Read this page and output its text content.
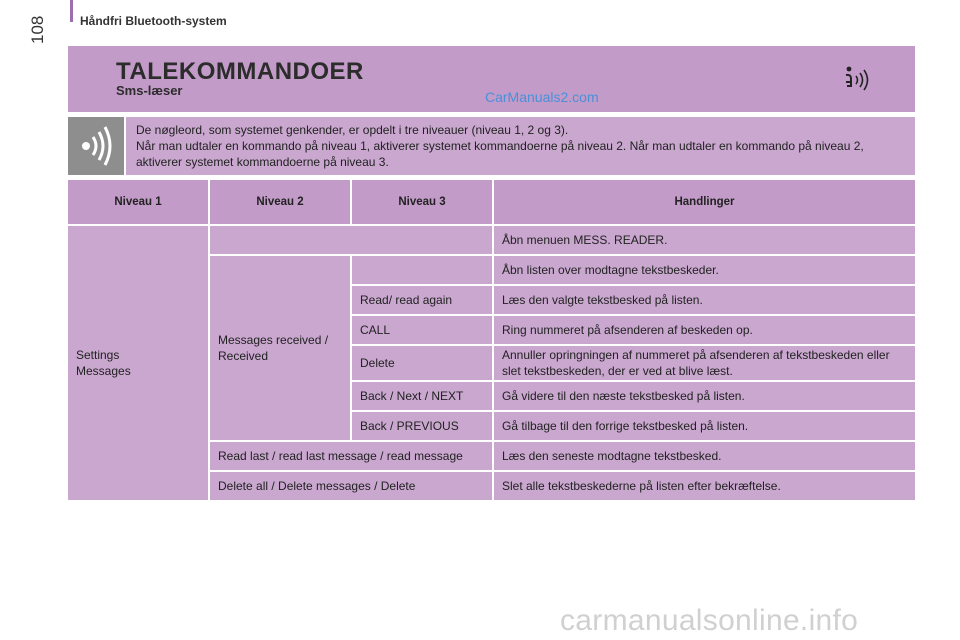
108	Håndfri Bluetooth-system
TALEKOMMANDOER
Sms-læser	CarManuals2.com
De nøgleord, som systemet genkender, er opdelt i tre niveauer (niveau 1, 2 og 3).
Når man udtaler en kommando på niveau 1, aktiverer systemet kommandoerne på niveau 2. Når man udtaler en kommando på niveau 2, aktiverer systemet kommandoerne på niveau 3.
Niveau 1	Niveau 2	Niveau 3	Handlinger
Settings
Messages			Åbn menuen MESS. READER.
	Messages received / Received		Åbn listen over modtagne tekstbeskeder.
		Read/ read again	Læs den valgte tekstbesked på listen.
		CALL	Ring nummeret på afsenderen af beskeden op.
		Delete	Annuller opringningen af nummeret på afsenderen af tekstbeskeden eller slet tekstbeskeden, der er ved at blive læst.
		Back / Next / NEXT	Gå videre til den næste tekstbesked på listen.
		Back / PREVIOUS	Gå tilbage til den forrige tekstbesked på listen.
	Read last / read last message / read message		Læs den seneste modtagne tekstbesked.
	Delete all / Delete messages / Delete		Slet alle tekstbeskederne på listen efter bekræftelse.
carmanualsonline.info
